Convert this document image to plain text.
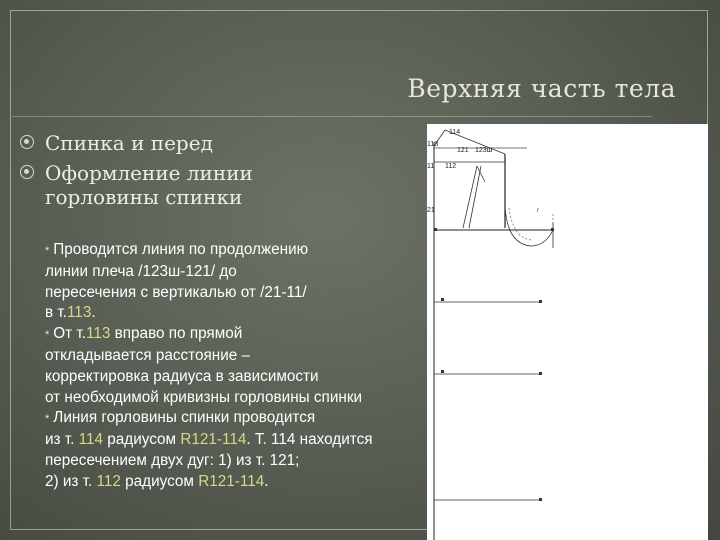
Верхняя часть тела
Спинка и перед
Оформление линии горловины спинки
* Проводится линия по продолжению
линии плеча /123ш-121/ до
пересечения с вертикалью от /21-11/
в т.113.
* От т.113 вправо по прямой
откладывается расстояние –
корректировка радиуса в зависимости
от необходимой кривизны горловины спинки
* Линия горловины спинки проводится
из т. 114 радиусом R121-114. Т. 114 находится
пересечением двух дуг: 1) из т. 121;
2) из т. 112 радиусом R121-114.
114
113
121 123ш
11 112
21	r
